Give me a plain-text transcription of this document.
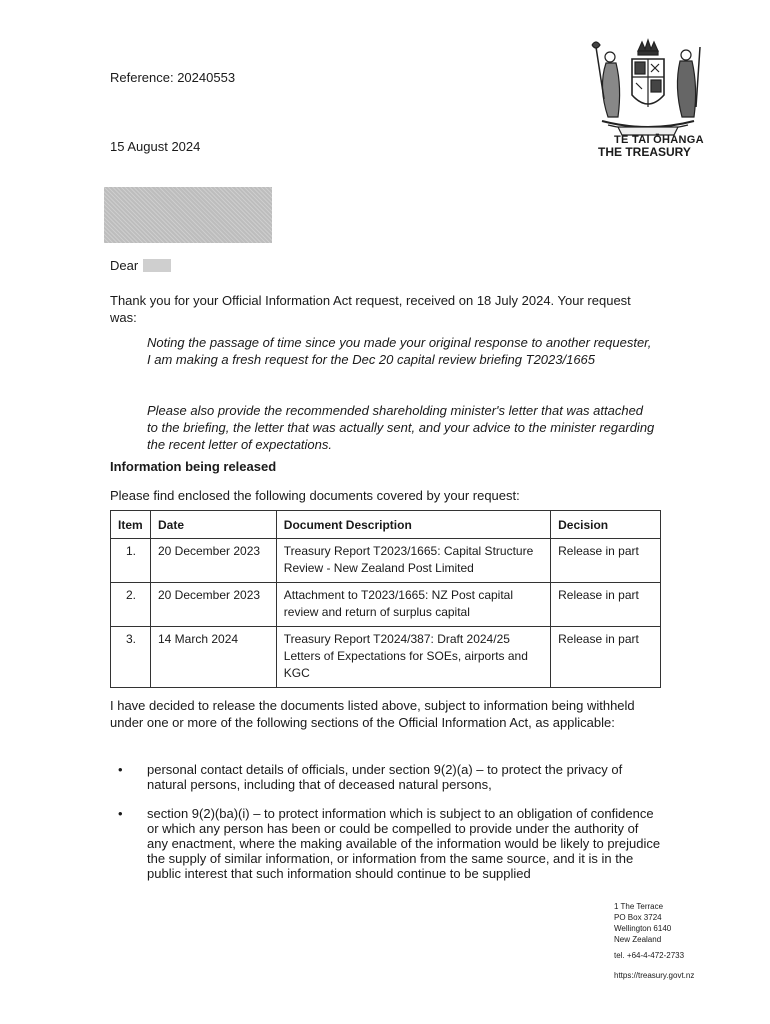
Reference: 20240553
15 August 2024	TE TAI ŌHANGA
THE TREASURY
Dear
Thank you for your Official Information Act request, received on 18 July 2024. Your request was:
Noting the passage of time since you made your original response to another requester, I am making a fresh request for the Dec 20 capital review briefing T2023/1665
Please also provide the recommended shareholding minister's letter that was attached to the briefing, the letter that was actually sent, and your advice to the minister regarding the recent letter of expectations.
Information being released
Please find enclosed the following documents covered by your request:
Item	Date	Document Description	Decision
1.	20 December 2023	Treasury Report T2023/1665: Capital Structure Review - New Zealand Post Limited	Release in part
2.	20 December 2023	Attachment to T2023/1665: NZ Post capital review and return of surplus capital	Release in part
3.	14 March 2024	Treasury Report T2024/387: Draft 2024/25 Letters of Expectations for SOEs, airports and KGC	Release in part
I have decided to release the documents listed above, subject to information being withheld under one or more of the following sections of the Official Information Act, as applicable:
• personal contact details of officials, under section 9(2)(a) – to protect the privacy of natural persons, including that of deceased natural persons,
• section 9(2)(ba)(i) – to protect information which is subject to an obligation of confidence or which any person has been or could be compelled to provide under the authority of any enactment, where the making available of the information would be likely to prejudice the supply of similar information, or information from the same source, and it is in the public interest that such information should continue to be supplied
1 The Terrace
PO Box 3724
Wellington 6140
New Zealand
tel. +64-4-472-2733
https://treasury.govt.nz
